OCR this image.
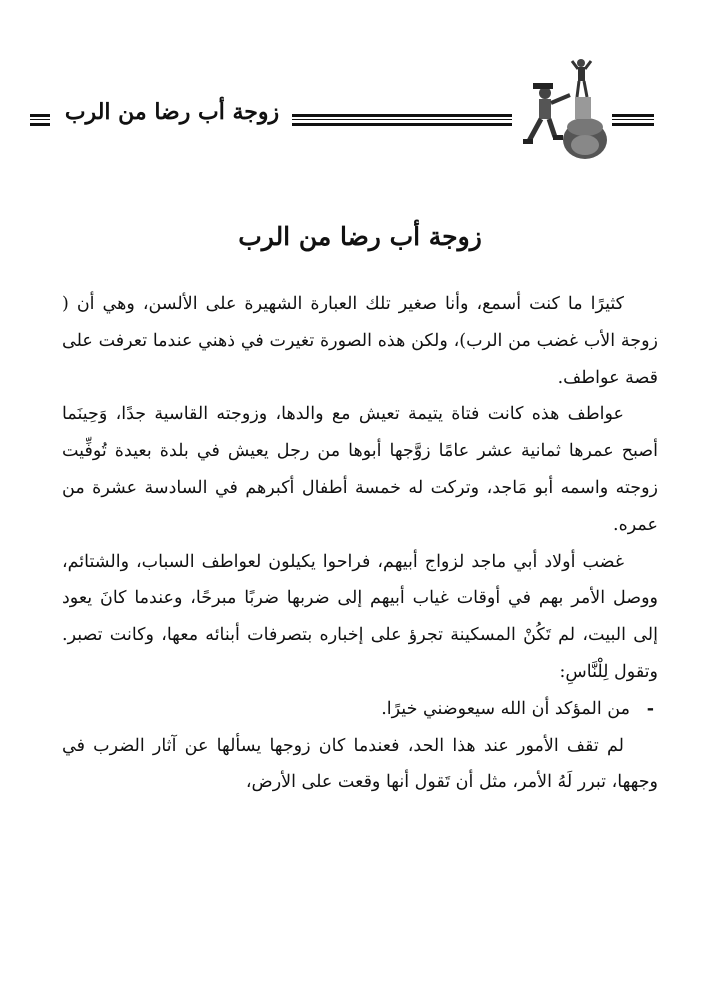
زوجة أب رضا من الرب
زوجة أب رضا من الرب

كثيرًا ما كنت أسمع، وأنا صغير تلك العبارة الشهيرة على الألسن، وهي أن ( زوجة الأب غضب من الرب)، ولكن هذه الصورة تغيرت في ذهني عندما تعرفت على قصة عواطف.

عواطف هذه كانت فتاة يتيمة تعيش مع والدها، وزوجته القاسية جدًا، وَحِينَما أصبح عمرها ثمانية عشر عامًا زوَّجها أبوها من رجل يعيش في بلدة بعيدة تُوفِّيت زوجته واسمه أبو مَاجد، وتركت له خمسة أطفال أكبرهم في السادسة عشرة من عمره.

غضب أولاد أبي ماجد لزواج أبيهم، فراحوا يكيلون لعواطف السباب، والشتائم، ووصل الأمر بهم في أوقات غياب أبيهم إلى ضربها ضربًا مبرحًا، وعندما كانَ يعود إلى البيت، لم تَكُنْ المسكينة تجرؤ على إخباره بتصرفات أبنائه معها، وكانت تصبر. وتقول لِلْنَّاسِ:

-من المؤكد أن الله سيعوضني خيرًا.

لم تقف الأمور عند هذا الحد، فعندما كان زوجها يسألها عن آثار الضرب في وجهها، تبرر لَهُ الأمر، مثل أن تَقول أنها وقعت على الأرض،
